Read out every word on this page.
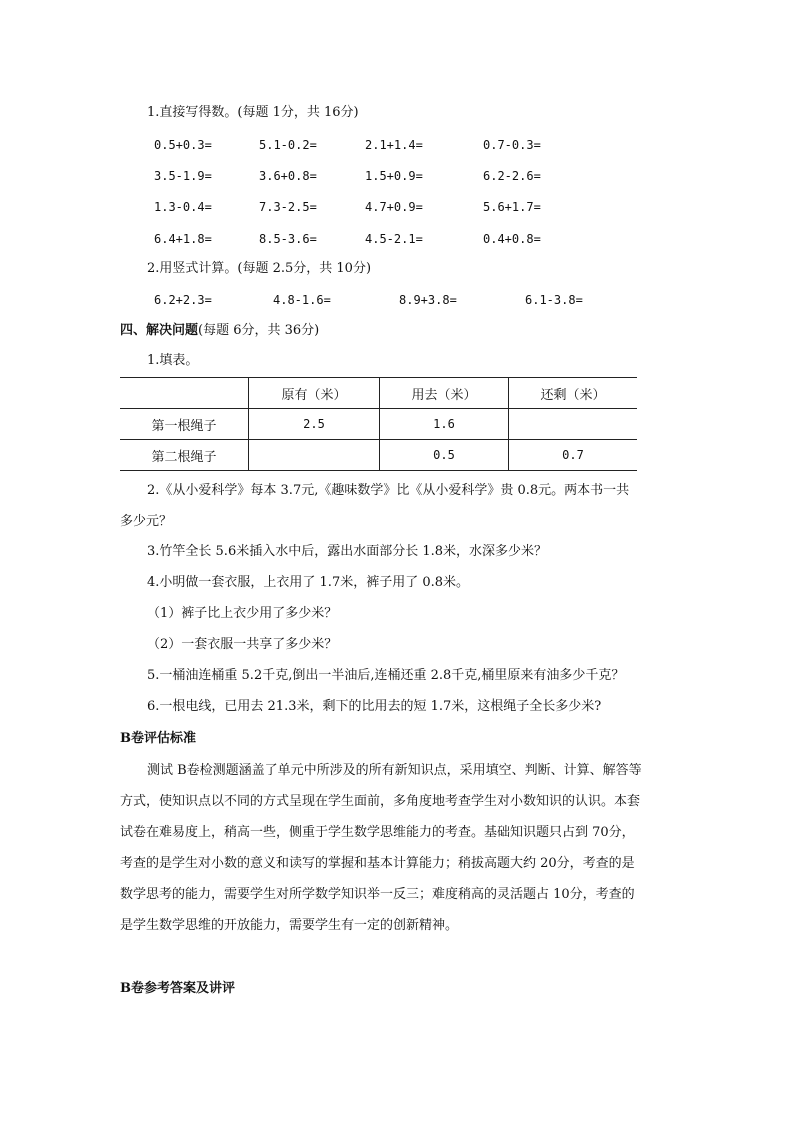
1.直接写得数。(每题 1分，共 16分)
0.5+0.3=	5.1-0.2=	2.1+1.4=	0.7-0.3=
3.5-1.9=	3.6+0.8=	1.5+0.9=	6.2-2.6=
1.3-0.4=	7.3-2.5=	4.7+0.9=	5.6+1.7=
6.4+1.8=	8.5-3.6=	4.5-2.1=	0.4+0.8=
2.用竖式计算。(每题 2.5分，共 10分)
6.2+2.3=	4.8-1.6=	8.9+3.8=	6.1-3.8=
四、解决问题(每题 6分，共 36分)
1.填表。
	原有（米）	用去（米）	还剩（米）
第一根绳子	2.5	1.6	
第二根绳子		0.5	0.7
2.《从小爱科学》每本 3.7元,《趣味数学》比《从小爱科学》贵 0.8元。两本书一共
多少元？
3.竹竿全长 5.6米插入水中后，露出水面部分长 1.8米，水深多少米？
4.小明做一套衣服，上衣用了 1.7米，裤子用了 0.8米。
（1）裤子比上衣少用了多少米？
（2）一套衣服一共享了多少米？
5.一桶油连桶重 5.2千克,倒出一半油后,连桶还重 2.8千克,桶里原来有油多少千克？
6.一根电线，已用去 21.3米，剩下的比用去的短 1.7米，这根绳子全长多少米?
B卷评估标准
测试 B卷检测题涵盖了单元中所涉及的所有新知识点，采用填空、判断、计算、解答等
方式，使知识点以不同的方式呈现在学生面前，多角度地考查学生对小数知识的认识。本套
试卷在难易度上，稍高一些，侧重于学生数学思维能力的考查。基础知识题只占到 70分，
考查的是学生对小数的意义和读写的掌握和基本计算能力；稍拔高题大约 20分，考查的是
数学思考的能力，需要学生对所学数学知识举一反三；难度稍高的灵活题占 10分，考查的
是学生数学思维的开放能力，需要学生有一定的创新精神。
B卷参考答案及讲评
